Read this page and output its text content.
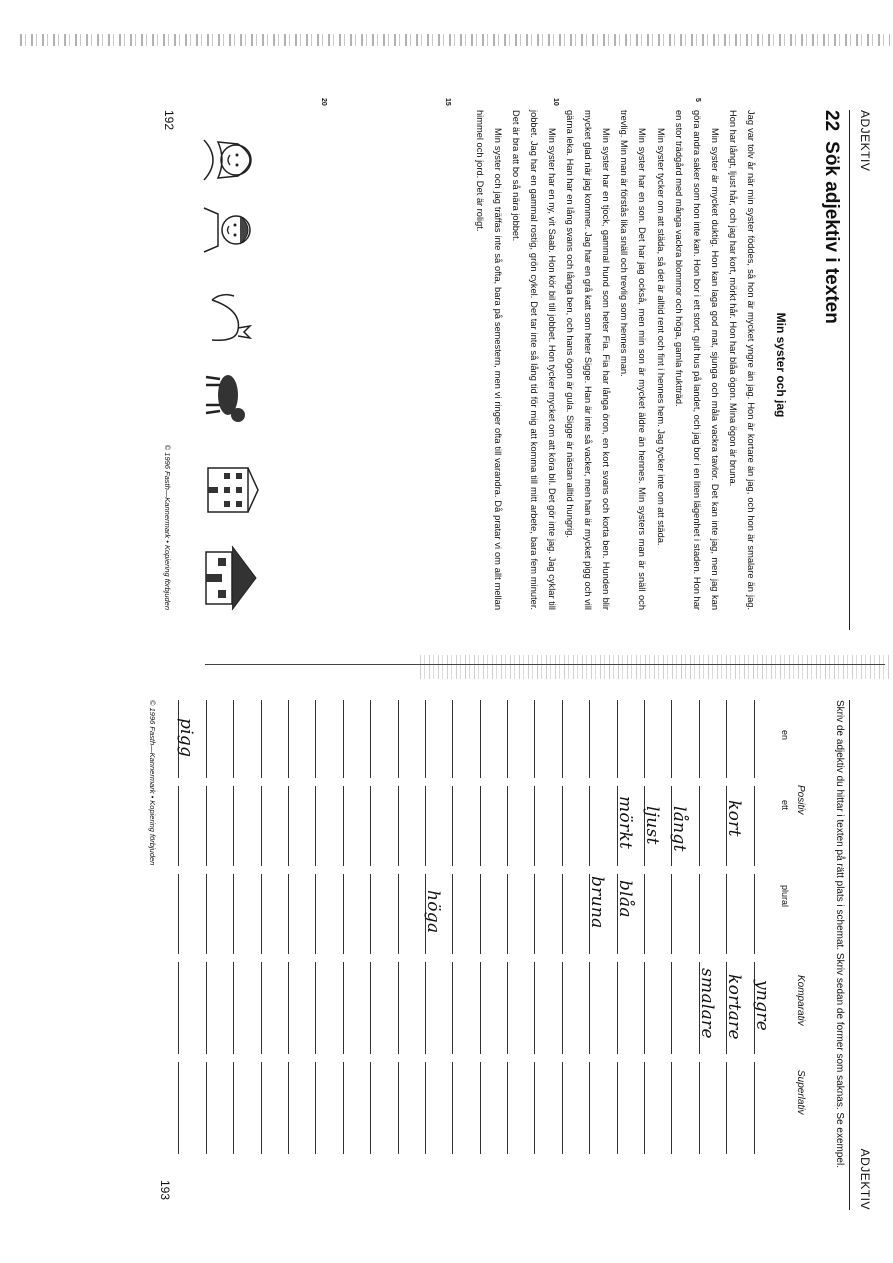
ADJEKTIV
22Sök adjektiv i texten
Min syster och jag
5
10
15
20

Jag var tolv år när min syster föddes, så hon är mycket yngre än jag. Hon är kortare än jag, och hon är smalare än jag. Hon har långt, ljust hår, och jag har kort, mörkt hår. Hon har blåa ögon. Mina ögon är bruna.

Min syster är mycket duktig. Hon kan laga god mat, sjunga och måla vackra tavlor. Det kan inte jag, men jag kan göra andra saker som hon inte kan. Hon bor i ett stort, gult hus på landet, och jag bor i en liten lägenhet i staden. Hon har en stor trädgård med många vackra blommor och höga, gamla fruktträd.

Min syster tycker om att städa, så det är alltid rent och fint i hennes hem. Jag tycker inte om att städa.

Min syster har en son. Det har jag också, men min son är mycket äldre än hennes. Min systers man är snäll och trevlig. Min man är förstås lika snäll och trevlig som hennes man.

Min syster har en tjock, gammal hund som heter Fia. Fia har långa öron, en kort svans och korta ben. Hunden blir mycket glad när jag kommer. Jag har en grå katt som heter Sigge. Han är inte så vacker, men han är mycket pigg och vill gärna leka. Han har en lång svans och långa ben, och hans ögon är gula. Sigge är nästan alltid hungrig.

Min syster har en ny, vit Saab. Hon kör bil till jobbet. Hon tycker mycket om att köra bil. Det gör inte jag. Jag cyklar till jobbet. Jag har en gammal rostig, grön cykel. Det tar inte så lång tid för mig att komma till mitt arbete, bara fem minuter. Det är bra att bo så nära jobbet.

Min syster och jag träffas inte så ofta, bara på semestern, men vi ringer ofta till varandra. Då pratar vi om allt mellan himmel och jord. Det är roligt.

192
© 1996 Fasth—Kannermark • Kopiering förbjuden
ADJEKTIV
Skriv de adjektiv du hittar i texten på rätt plats i schemat. Skriv sedan de former som saknas. Se exempel.
Positiv
Komparativ
Superlativ
en
ett
plural
yngre
kort
kortare
smalare
långt
ljust
mörkt
blåa
bruna
höga
pigg
© 1996 Fasth—Kannermark • Kopiering förbjuden
193
